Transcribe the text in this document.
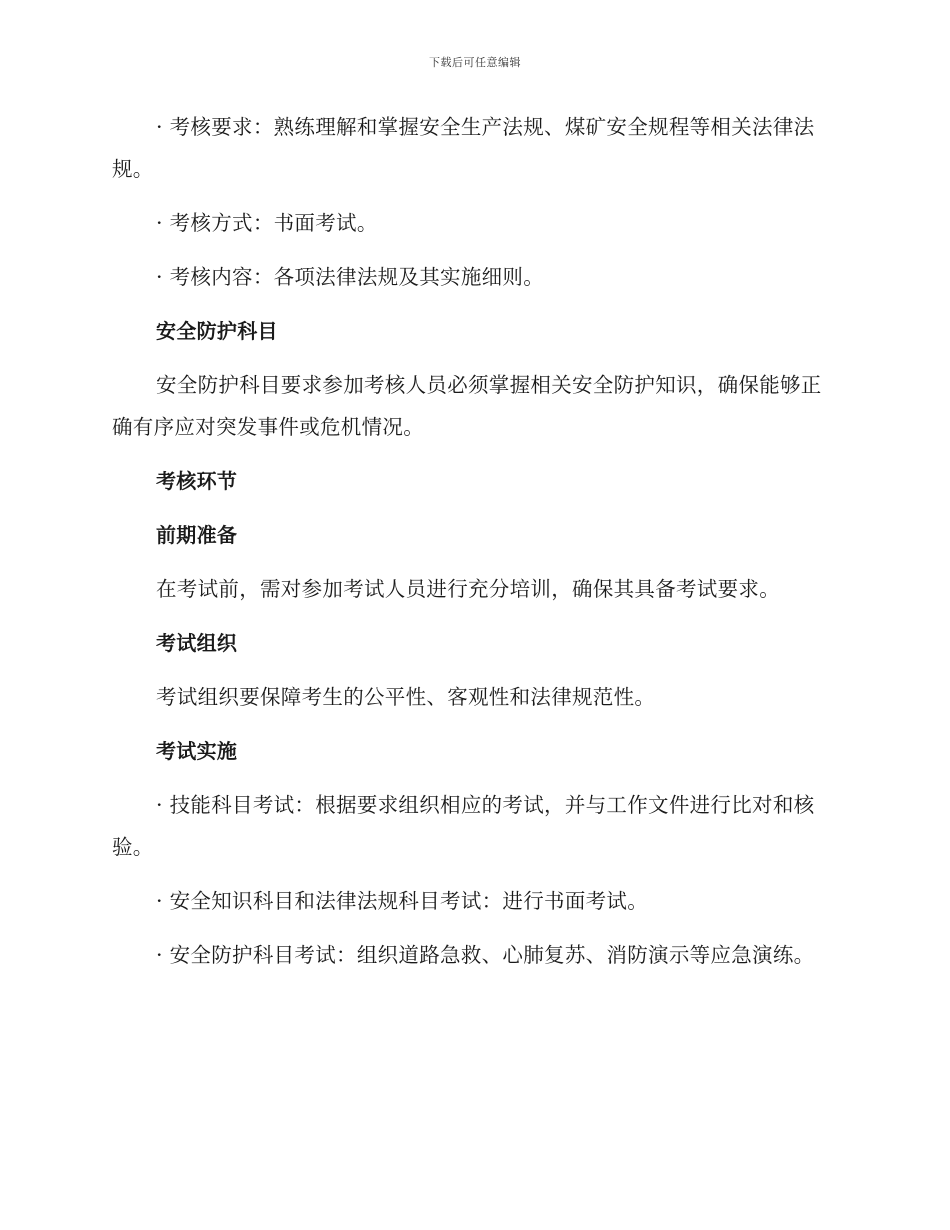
下载后可任意编辑

· 考核要求：熟练理解和掌握安全生产法规、煤矿安全规程等相关法律法规。

· 考核方式：书面考试。

· 考核内容：各项法律法规及其实施细则。

安全防护科目

安全防护科目要求参加考核人员必须掌握相关安全防护知识，确保能够正确有序应对突发事件或危机情况。

考核环节

前期准备

在考试前，需对参加考试人员进行充分培训，确保其具备考试要求。

考试组织

考试组织要保障考生的公平性、客观性和法律规范性。

考试实施

· 技能科目考试：根据要求组织相应的考试，并与工作文件进行比对和核验。

· 安全知识科目和法律法规科目考试：进行书面考试。

· 安全防护科目考试：组织道路急救、心肺复苏、消防演示等应急演练。
